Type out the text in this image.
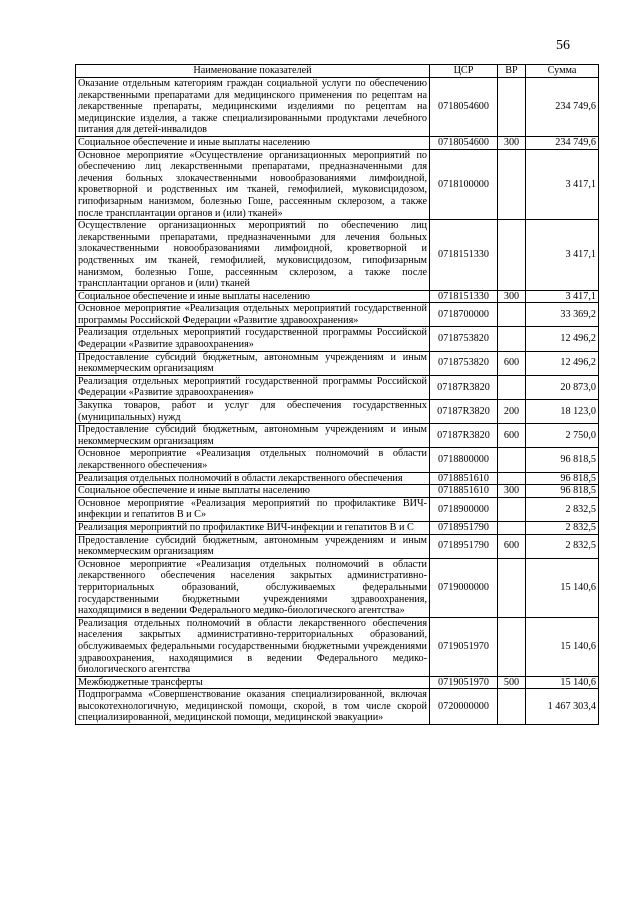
56
Наименование показателей	ЦСР	ВР	Сумма
Оказание отдельным категориям граждан социальной услуги по обеспечению лекарственными препаратами для медицинского применения по рецептам на лекарственные препараты, медицинскими изделиями по рецептам на медицинские изделия, а также специализированными продуктами лечебного питания для детей-инвалидов	0718054600		234 749,6
Социальное обеспечение и иные выплаты населению	0718054600	300	234 749,6
Основное мероприятие «Осуществление организационных мероприятий по обеспечению лиц лекарственными препаратами, предназначенными для лечения больных злокачественными новообразованиями лимфоидной, кроветворной и родственных им тканей, гемофилией, муковисцидозом, гипофизарным нанизмом, болезнью Гоше, рассеянным склерозом, а также после трансплантации органов и (или) тканей»	0718100000		3 417,1
Осуществление организационных мероприятий по обеспечению лиц лекарственными препаратами, предназначенными для лечения больных злокачественными новообразованиями лимфоидной, кроветворной и родственных им тканей, гемофилией, муковисцидозом, гипофизарным нанизмом, болезнью Гоше, рассеянным склерозом, а также после трансплантации органов и (или) тканей	0718151330		3 417,1
Социальное обеспечение и иные выплаты населению	0718151330	300	3 417,1
Основное мероприятие «Реализация отдельных мероприятий государственной программы Российской Федерации «Развитие здравоохранения»	0718700000		33 369,2
Реализация отдельных мероприятий государственной программы Российской Федерации «Развитие здравоохранения»	0718753820		12 496,2
Предоставление субсидий бюджетным, автономным учреждениям и иным некоммерческим организациям	0718753820	600	12 496,2
Реализация отдельных мероприятий государственной программы Российской Федерации «Развитие здравоохранения»	07187R3820		20 873,0
Закупка товаров, работ и услуг для обеспечения государственных (муниципальных) нужд	07187R3820	200	18 123,0
Предоставление субсидий бюджетным, автономным учреждениям и иным некоммерческим организациям	07187R3820	600	2 750,0
Основное мероприятие «Реализация отдельных полномочий в области лекарственного обеспечения»	0718800000		96 818,5
Реализация отдельных полномочий в области лекарственного обеспечения	0718851610		96 818,5
Социальное обеспечение и иные выплаты населению	0718851610	300	96 818,5
Основное мероприятие «Реализация мероприятий по профилактике ВИЧ-инфекции и гепатитов В и С»	0718900000		2 832,5
Реализация мероприятий по профилактике ВИЧ-инфекции и гепатитов В и С	0718951790		2 832,5
Предоставление субсидий бюджетным, автономным учреждениям и иным некоммерческим организациям	0718951790	600	2 832,5
Основное мероприятие «Реализация отдельных полномочий в области лекарственного обеспечения населения закрытых административно-территориальных образований, обслуживаемых федеральными государственными бюджетными учреждениями здравоохранения, находящимися в ведении Федерального медико-биологического агентства»	0719000000		15 140,6
Реализация отдельных полномочий в области лекарственного обеспечения населения закрытых административно-территориальных образований, обслуживаемых федеральными государственными бюджетными учреждениями здравоохранения, находящимися в ведении Федерального медико-биологического агентства	0719051970		15 140,6
Межбюджетные трансферты	0719051970	500	15 140,6
Подпрограмма «Совершенствование оказания специализированной, включая высокотехнологичную, медицинской помощи, скорой, в том числе скорой специализированной, медицинской помощи, медицинской эвакуации»	0720000000		1 467 303,4
